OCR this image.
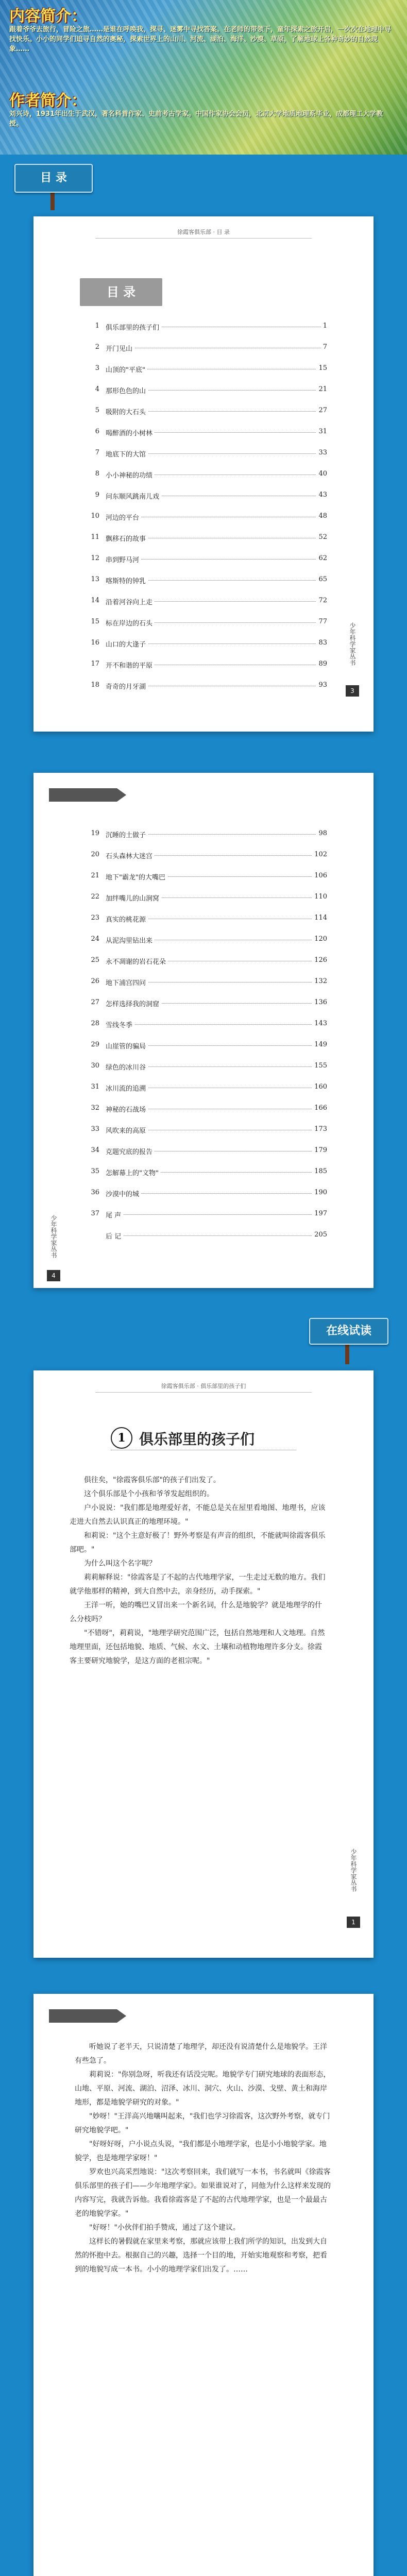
内容简介：
跟着爷爷去旅行，冒险之旅……是谁在呼唤我，探寻、迷雾中寻找答案。在老师的带领下，童年探索之旅开启，一次次在地理中寻找快乐。小小的同学们追寻自然的奥秘，探索世界上的山川、河流、湖泊、海洋、沙漠、草原，了解地球上各种奇妙的自然现象……
作者简介：
刘兴诗，1931年出生于武汉，著名科普作家、史前考古学家。中国作家协会会员，北京大学地质地理系毕业，成都理工大学教授。
目 录
徐霞客俱乐部 · 目 录
目 录
1 俱乐部里的孩子们	1
2 开门见山	7
3 山顶的"平底"	15
4 那形色色的山	21
5 吸附的大石头	27
6 喝醉酒的小树林	31
7 地底下的大馆	33
8 小小神秘的功绩	40
9 问东顺风跳南儿戏	43
10 河边的平台	48
11 飘移石的故事	52
12 串到野马河	62
13 喀斯特的钟乳	65
14 沿着河谷向上走	72
15 标在岸边的石头	77
16 山口的大逢子	83
17 开不和谐的平原	89
18 奇奇的月牙湖	93
少年科学家丛书
3
19 沉睡的土做子	98
20 石头森林大迷宫	102
21 地下"霸龙"的大嘴巴	106
22 加绊嘴儿的山涧窝	110
23 真实的桃花源	114
24 从泥沟里钻出来	120
25 永不凋谢的岩石花朵	126
26 地下浦宫四问	132
27 怎样选择我的洞窟	136
28 雪线冬季	143
29 山崖管的骗局	149
30 绿色的冰川谷	155
31 冰川流的追溯	160
32 神秘的石战场	166
33 风吹来的高原	173
34 克题究底的报告	179
35 怎解幕上的"文物"	185
36 沙漠中的城	190
37 尾 声	197
后 记	205
少年科学家丛书
4
在线试读
徐霞客俱乐部 · 俱乐部里的孩子们
1 俱乐部里的孩子们

俱往矣，"徐霞客俱乐部"的孩子们出发了。

这个俱乐部是个小孩和爷爷发起组织的。

户小说说："我们都是地理爱好者，不能总是关在屋里看地图、地理书，应该走进大自然去认识真正的地理环境。"

和莉说："这个主意好极了！野外考察是有声音的组织，不能就叫徐霞客俱乐部吧。"

为什么叫这个名字呢？

莉莉解释说："徐霞客是了不起的古代地理学家，一生走过无数的地方。我们就学他那样的精神，到大自然中去，亲身经历，动手探索。"

王洋一听，她的嘴巴又冒出来一个新名词，什么是地貌学？就是地理学的什么分枝吗？

"不错呀"，莉莉说，"地理学研究范围广泛，包括自然地理和人文地理。自然地理里面，还包括地貌、地质、气候、水文、土壤和动植物地理许多分支。徐霞客主要研究地貌学，是这方面的老祖宗呢。"

少年科学家丛书
1

听她说了老半天，只说清楚了地理学，却还没有说清楚什么是地貌学。王洋有些急了。

莉莉说："你别急呀，听我还有话没完呢。地貌学专门研究地球的表面形态，山地、平原、河流、湖泊、沼泽、冰川、洞穴、火山、沙漠、戈壁、黄土和海岸地形，都是地貌学研究的对象。"

"妙呀！"王洋高兴地嚷叫起来，"我们也学习徐霞客，这次野外考察，就专门研究地貌学吧。"

"好呀好呀，户小说点头说，"我们都是小地理学家，也是小小地貌学家。地貌学，也是地理学家呀！"

罗欢也兴高采烈地说："这次考察回来，我们就写一本书，书名就叫《徐霞客俱乐部里的孩子们——少年地理学家》。如果谁说对了，同他为什么这样来发现的内容写完，我就告诉他。我看徐霞客是了不起的古代地理学家，也是一个最最古老的地貌学家。"

"好呀！"小伙伴们拍手赞成，通过了这个建议。

这样长的暑假就在家里来考察，那就应该带上我们所学的知识，出发到大自然的怀抱中去。根据自己的兴趣，选择一个目的地，开始实地观察和考察，把看到的地貌写成一本书。小小的地理学家们出发了。……
